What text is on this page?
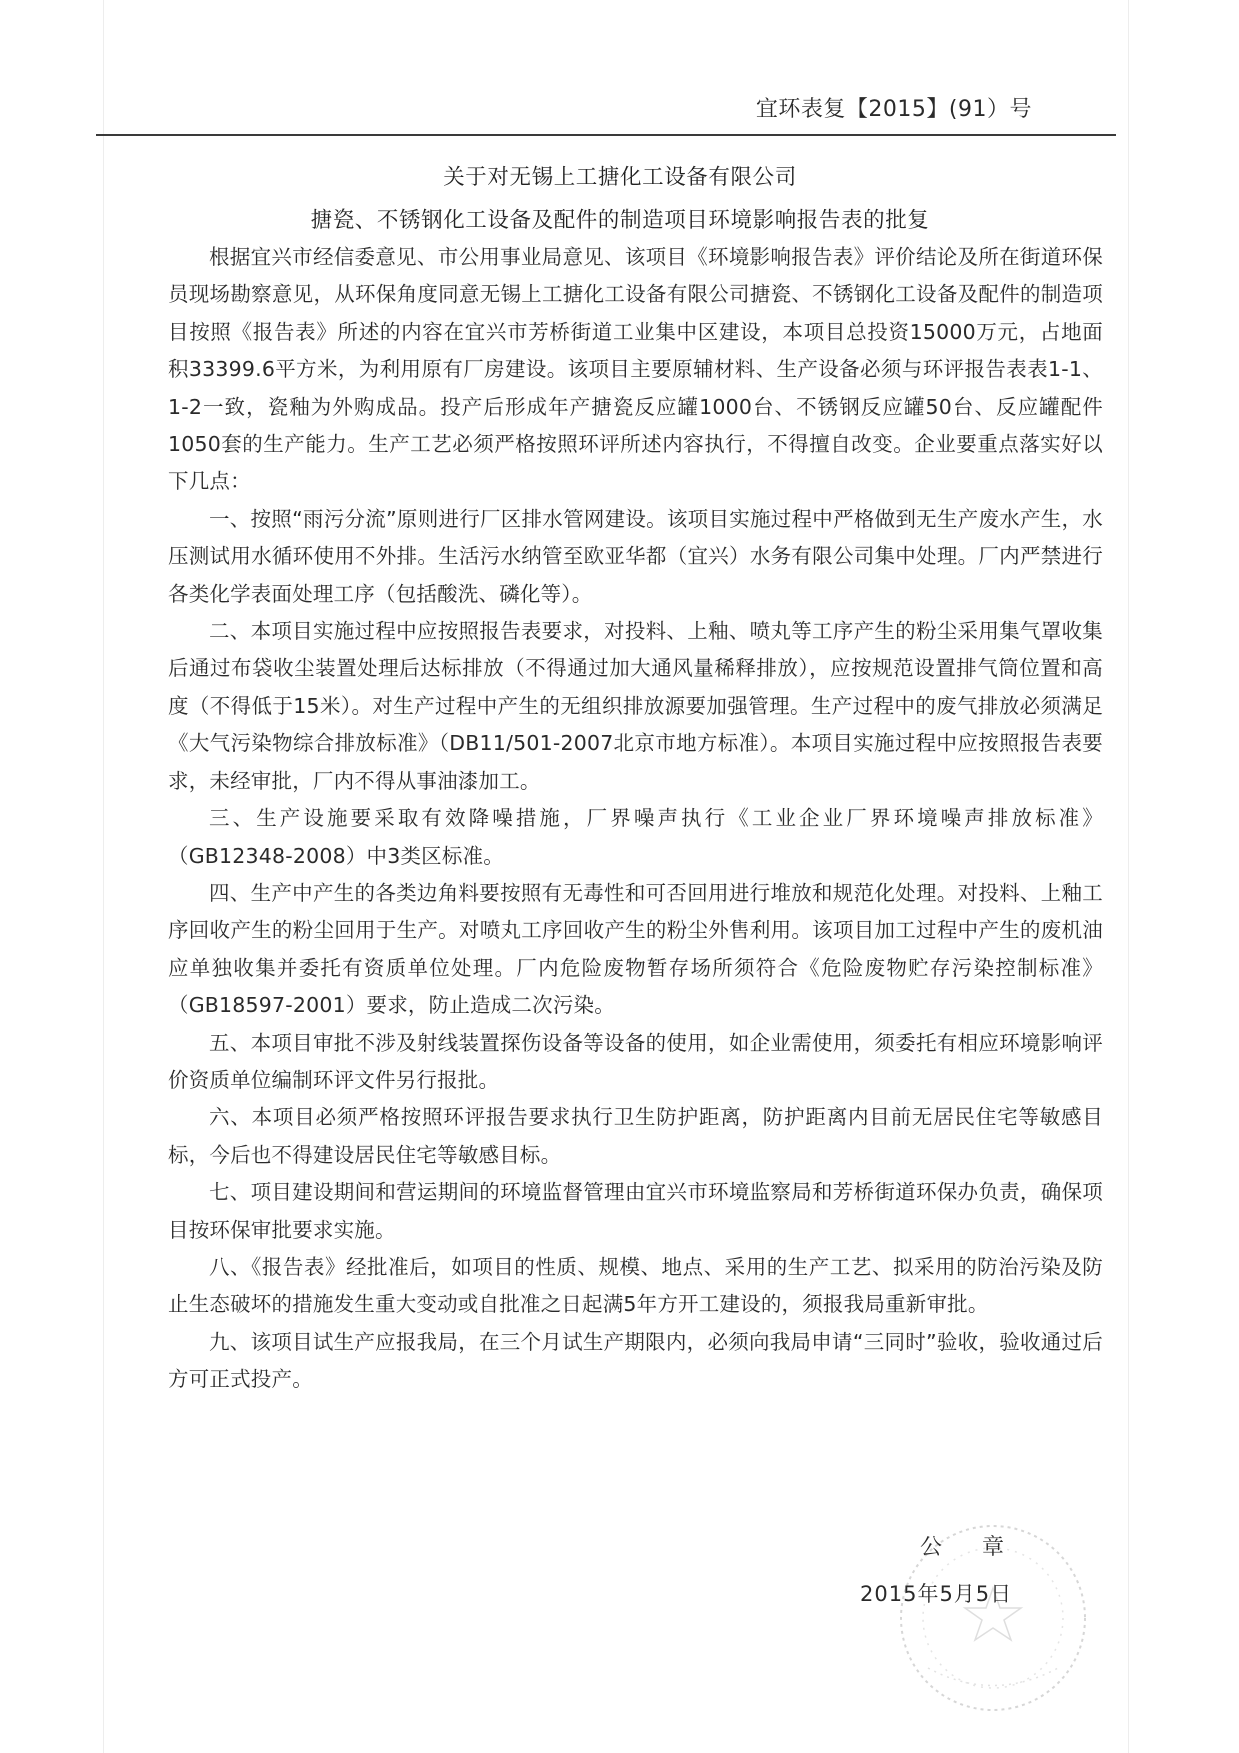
宜环表复【2015】(91）号
关于对无锡上工搪化工设备有限公司
搪瓷、不锈钢化工设备及配件的制造项目环境影响报告表的批复

根据宜兴市经信委意见、市公用事业局意见、该项目《环境影响报告表》评价结论及所在街道环保员现场勘察意见，从环保角度同意无锡上工搪化工设备有限公司搪瓷、不锈钢化工设备及配件的制造项目按照《报告表》所述的内容在宜兴市芳桥街道工业集中区建设，本项目总投资15000万元，占地面积33399.6平方米，为利用原有厂房建设。该项目主要原辅材料、生产设备必须与环评报告表表1-1、1-2一致，瓷釉为外购成品。投产后形成年产搪瓷反应罐1000台、不锈钢反应罐50台、反应罐配件 1050套的生产能力。生产工艺必须严格按照环评所述内容执行，不得擅自改变。企业要重点落实好以下几点：

一、按照“雨污分流”原则进行厂区排水管网建设。该项目实施过程中严格做到无生产废水产生，水压测试用水循环使用不外排。生活污水纳管至欧亚华都（宜兴）水务有限公司集中处理。厂内严禁进行各类化学表面处理工序（包括酸洗、磷化等）。

二、本项目实施过程中应按照报告表要求，对投料、上釉、喷丸等工序产生的粉尘采用集气罩收集后通过布袋收尘装置处理后达标排放（不得通过加大通风量稀释排放），应按规范设置排气筒位置和高度（不得低于15米）。对生产过程中产生的无组织排放源要加强管理。生产过程中的废气排放必须满足《大气污染物综合排放标准》（DB11/501-2007北京市地方标准）。本项目实施过程中应按照报告表要求，未经审批，厂内不得从事油漆加工。

三、生产设施要采取有效降噪措施，厂界噪声执行《工业企业厂界环境噪声排放标准》（GB12348-2008）中3类区标准。

四、生产中产生的各类边角料要按照有无毒性和可否回用进行堆放和规范化处理。对投料、上釉工序回收产生的粉尘回用于生产。对喷丸工序回收产生的粉尘外售利用。该项目加工过程中产生的废机油应单独收集并委托有资质单位处理。厂内危险废物暂存场所须符合《危险废物贮存污染控制标准》（GB18597-2001）要求，防止造成二次污染。

五、本项目审批不涉及射线装置探伤设备等设备的使用，如企业需使用，须委托有相应环境影响评价资质单位编制环评文件另行报批。

六、本项目必须严格按照环评报告要求执行卫生防护距离，防护距离内目前无居民住宅等敏感目标，今后也不得建设居民住宅等敏感目标。

七、项目建设期间和营运期间的环境监督管理由宜兴市环境监察局和芳桥街道环保办负责，确保项目按环保审批要求实施。

八、《报告表》经批准后，如项目的性质、规模、地点、采用的生产工艺、拟采用的防治污染及防止生态破坏的措施发生重大变动或自批准之日起满5年方开工建设的，须报我局重新审批。

九、该项目试生产应报我局，在三个月试生产期限内，必须向我局申请“三同时”验收，验收通过后方可正式投产。

公章
2015年5月5日
